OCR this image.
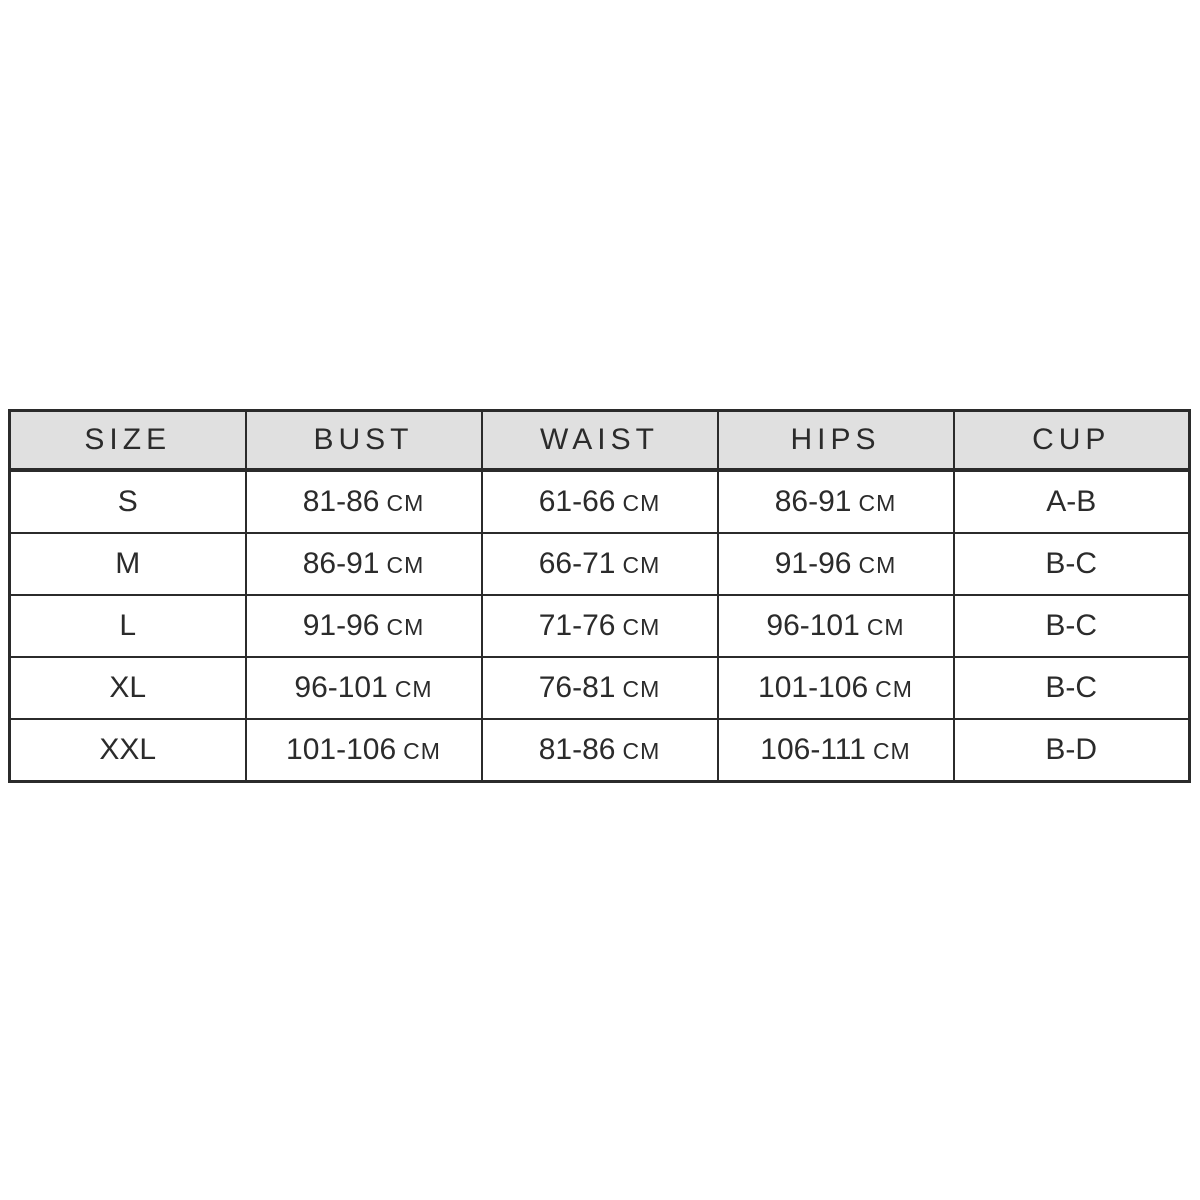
SIZE	BUST	WAIST	HIPS	CUP
S	81-86 CM	61-66 CM	86-91 CM	A-B
M	86-91 CM	66-71 CM	91-96 CM	B-C
L	91-96 CM	71-76 CM	96-101 CM	B-C
XL	96-101 CM	76-81 CM	101-106 CM	B-C
XXL	101-106 CM	81-86 CM	106-111 CM	B-D
